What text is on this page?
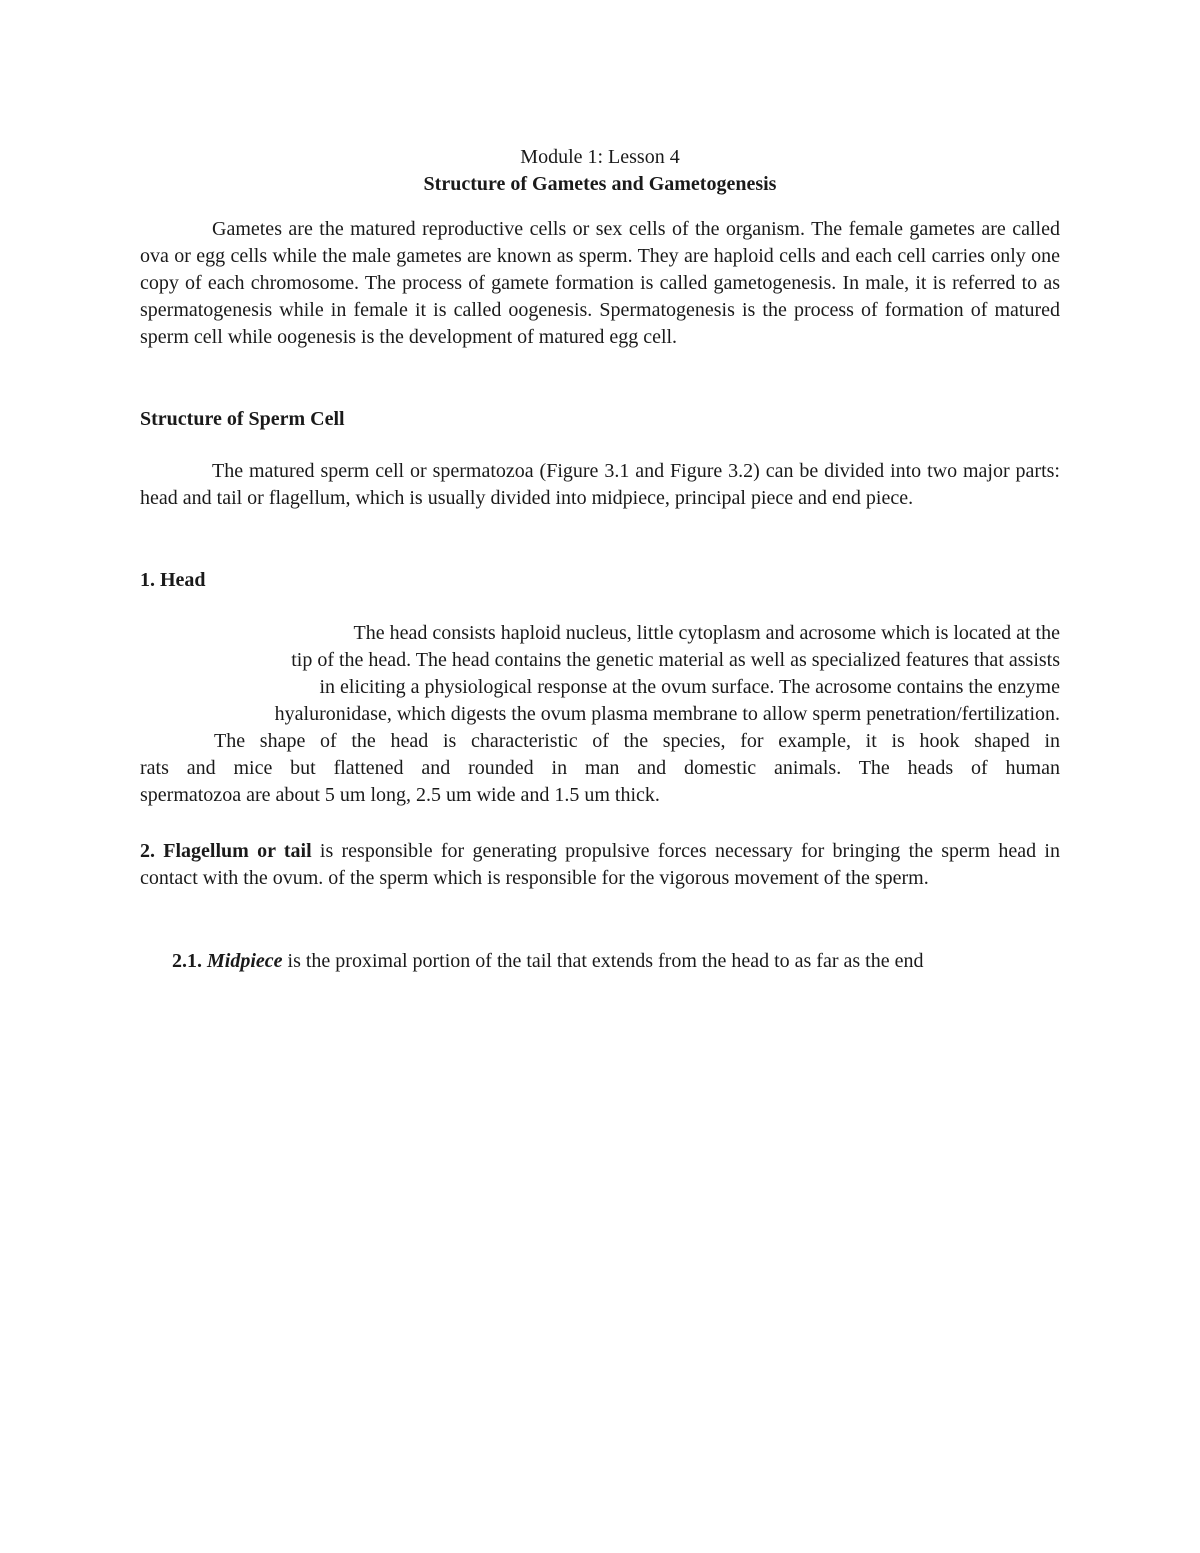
Module 1: Lesson 4
Structure of Gametes and Gametogenesis

Gametes are the matured reproductive cells or sex cells of the organism. The female gametes are called ova or egg cells while the male gametes are known as sperm. They are haploid cells and each cell carries only one copy of each chromosome. The process of gamete formation is called gametogenesis. In male, it is referred to as spermatogenesis while in female it is called oogenesis. Spermatogenesis is the process of formation of matured sperm cell while oogenesis is the development of matured egg cell.

Structure of Sperm Cell

The matured sperm cell or spermatozoa (Figure 3.1 and Figure 3.2) can be divided into two major parts: head and tail or flagellum, which is usually divided into midpiece, principal piece and end piece.

1. Head

The head consists haploid nucleus, little cytoplasm and acrosome which is located at the
tip of the head. The head contains the genetic material as well as specialized features that assists
in eliciting a physiological response at the ovum surface. The acrosome contains the enzyme
hyaluronidase, which digests the ovum plasma membrane to allow sperm penetration/fertilization.
The shape of the head is characteristic of the species, for example, it is hook shaped in
rats and mice but flattened and rounded in man and domestic animals. The heads of human
spermatozoa are about 5 um long, 2.5 um wide and 1.5 um thick.

2. Flagellum or tail is responsible for generating propulsive forces necessary for bringing the sperm head in contact with the ovum. of the sperm which is responsible for the vigorous movement of the sperm.

2.1. Midpiece is the proximal portion of the tail that extends from the head to as far as the end
